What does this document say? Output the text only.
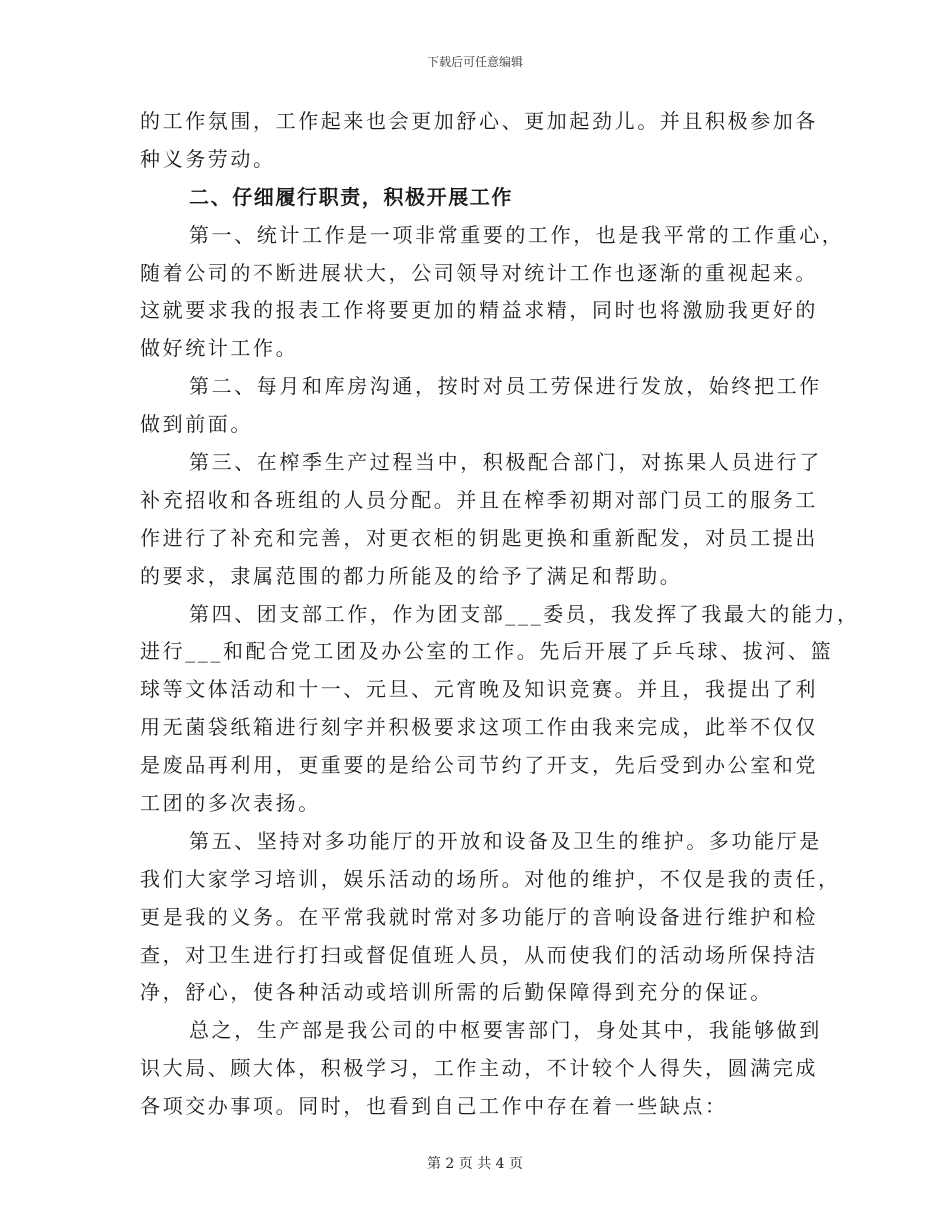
下载后可任意编辑
的工作氛围，工作起来也会更加舒心、更加起劲儿。并且积极参加各
种义务劳动。
二、仔细履行职责，积极开展工作
第一、统计工作是一项非常重要的工作，也是我平常的工作重心，
随着公司的不断进展状大，公司领导对统计工作也逐渐的重视起来。
这就要求我的报表工作将要更加的精益求精，同时也将激励我更好的
做好统计工作。
第二、每月和库房沟通，按时对员工劳保进行发放，始终把工作
做到前面。
第三、在榨季生产过程当中，积极配合部门，对拣果人员进行了
补充招收和各班组的人员分配。并且在榨季初期对部门员工的服务工
作进行了补充和完善，对更衣柜的钥匙更换和重新配发，对员工提出
的要求，隶属范围的都力所能及的给予了满足和帮助。
第四、团支部工作，作为团支部___委员，我发挥了我最大的能力，
进行___和配合党工团及办公室的工作。先后开展了乒乓球、拔河、篮
球等文体活动和十一、元旦、元宵晚及知识竞赛。并且，我提出了利
用无菌袋纸箱进行刻字并积极要求这项工作由我来完成，此举不仅仅
是废品再利用，更重要的是给公司节约了开支，先后受到办公室和党
工团的多次表扬。
第五、坚持对多功能厅的开放和设备及卫生的维护。多功能厅是
我们大家学习培训，娱乐活动的场所。对他的维护，不仅是我的责任，
更是我的义务。在平常我就时常对多功能厅的音响设备进行维护和检
查，对卫生进行打扫或督促值班人员，从而使我们的活动场所保持洁
净，舒心，使各种活动或培训所需的后勤保障得到充分的保证。
总之，生产部是我公司的中枢要害部门，身处其中，我能够做到
识大局、顾大体，积极学习，工作主动，不计较个人得失，圆满完成
各项交办事项。同时，也看到自己工作中存在着一些缺点：
第 2 页 共 4 页
